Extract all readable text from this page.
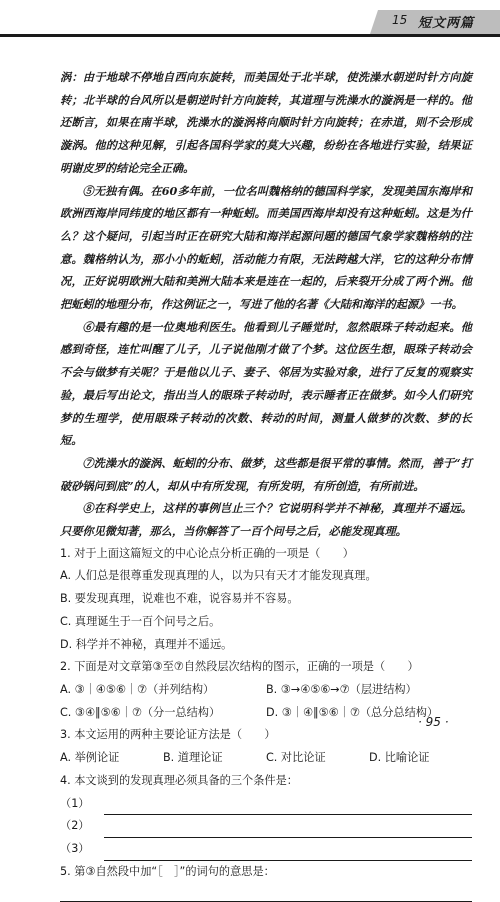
15 短文两篇

涡：由于地球不停地自西向东旋转，而美国处于北半球，使洗澡水朝逆时针方向旋转；北半球的台风所以是朝逆时针方向旋转，其道理与洗澡水的漩涡是一样的。他还断言，如果在南半球，洗澡水的漩涡将向顺时针方向旋转；在赤道，则不会形成漩涡。他的这种见解，引起各国科学家的莫大兴趣，纷纷在各地进行实验，结果证明谢皮罗的结论完全正确。

⑤无独有偶。在60多年前，一位名叫魏格纳的德国科学家，发现美国东海岸和欧洲西海岸同纬度的地区都有一种蚯蚓。而美国西海岸却没有这种蚯蚓。这是为什么？这个疑问，引起当时正在研究大陆和海洋起源问题的德国气象学家魏格纳的注意。魏格纳认为，那小小的蚯蚓，活动能力有限，无法跨越大洋，它的这种分布情况，正好说明欧洲大陆和美洲大陆本来是连在一起的，后来裂开分成了两个洲。他把蚯蚓的地理分布，作这例证之一，写进了他的名著《大陆和海洋的起源》一书。

⑥最有趣的是一位奥地利医生。他看到儿子睡觉时，忽然眼珠子转动起来。他感到奇怪，连忙叫醒了儿子，儿子说他刚才做了个梦。这位医生想，眼珠子转动会不会与做梦有关呢？于是他以儿子、妻子、邻居为实验对象，进行了反复的观察实验，最后写出论文，指出当人的眼珠子转动时，表示睡者正在做梦。如今人们研究梦的生理学，使用眼珠子转动的次数、转动的时间，测量人做梦的次数、梦的长短。

⑦洗澡水的漩涡、蚯蚓的分布、做梦，这些都是很平常的事情。然而，善于“打破砂锅问到底”的人，却从中有所发现，有所发明，有所创造，有所前进。

⑧在科学史上，这样的事例岂止三个？它说明科学并不神秘，真理并不遥远。只要你见微知著，那么，当你解答了一百个问号之后，必能发现真理。

1. 对于上面这篇短文的中心论点分析正确的一项是（　　）

A. 人们总是很尊重发现真理的人，以为只有天才才能发现真理。

B. 要发现真理，说难也不难，说容易并不容易。

C. 真理诞生于一百个问号之后。

D. 科学并不神秘，真理并不遥远。

2. 下面是对文章第③至⑦自然段层次结构的图示，正确的一项是（　　）

A. ③｜④⑤⑥｜⑦（并列结构）	B. ③→④⑤⑥→⑦（层进结构）
C. ③④‖⑤⑥｜⑦（分一总结构）	D. ③｜④‖⑤⑥｜⑦（总分总结构）

3. 本文运用的两种主要论证方法是（　　）

A. 举例论证	B. 道理论证	C. 对比论证	D. 比喻论证

4. 本文谈到的发现真理必须具备的三个条件是：

（1）
（2）
（3）

5. 第③自然段中加“［　］”的词句的意思是：

· 95 ·
